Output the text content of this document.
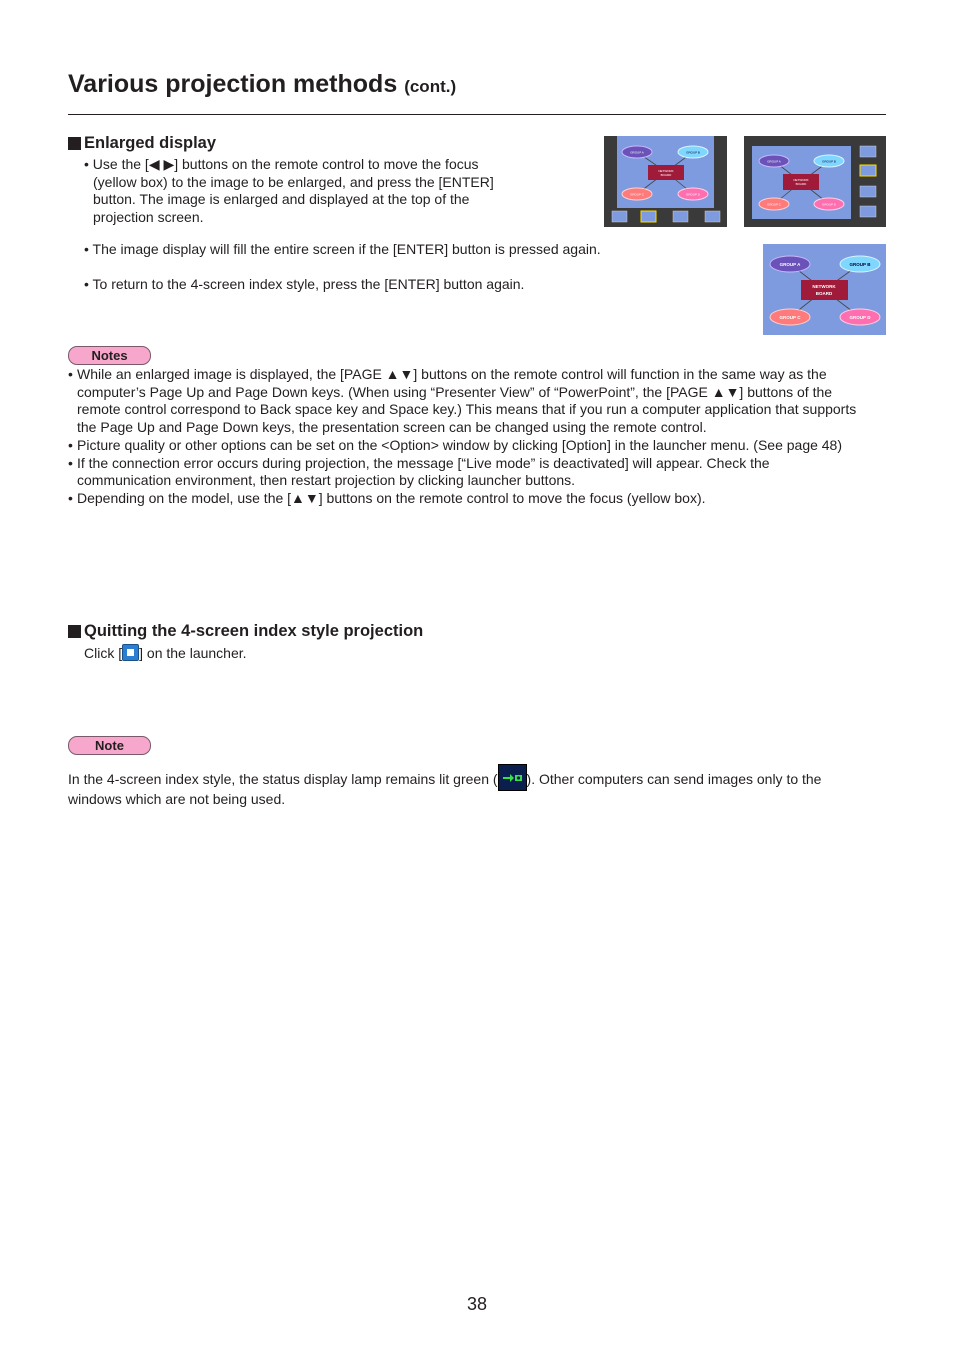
Various projection methods (cont.)
Enlarged display
• Use the [◀ ▶] buttons on the remote control to move the focus
(yellow box) to the image to be enlarged, and press the [ENTER]
button. The image is enlarged and displayed at the top of the
projection screen.
• The image display will fill the entire screen if the [ENTER] button is pressed again.
• To return to the 4-screen index style, press the [ENTER] button again.
GROUP A	GROUP B
GROUP C	GROUP D
NETWORK
BOARD
GROUP A	GROUP B
GROUP C	GROUP D
NETWORK
BOARD
GROUP A	GROUP B
GROUP C	GROUP D
NETWORK
BOARD
Notes
• While an enlarged image is displayed, the [PAGE ▲▼] buttons on the remote control will function in the same way as the
computer’s Page Up and Page Down keys. (When using “Presenter View” of “PowerPoint”, the [PAGE ▲▼] buttons of the
remote control correspond to Back space key and Space key.) This means that if you run a computer application that supports
the Page Up and Page Down keys, the presentation screen can be changed using the remote control.
• Picture quality or other options can be set on the <Option> window by clicking [Option] in the launcher menu. (See page 48)
• If the connection error occurs during projection, the message [“Live mode” is deactivated] will appear. Check the
communication environment, then restart projection by clicking launcher buttons.
• Depending on the model, use the [▲▼] buttons on the remote control to move the focus (yellow box).
Quitting the 4-screen index style projection
Click [ ] on the launcher.
Note
In the 4-screen index style, the status display lamp remains lit green ( ). Other computers can send images only to the
windows which are not being used.
38
